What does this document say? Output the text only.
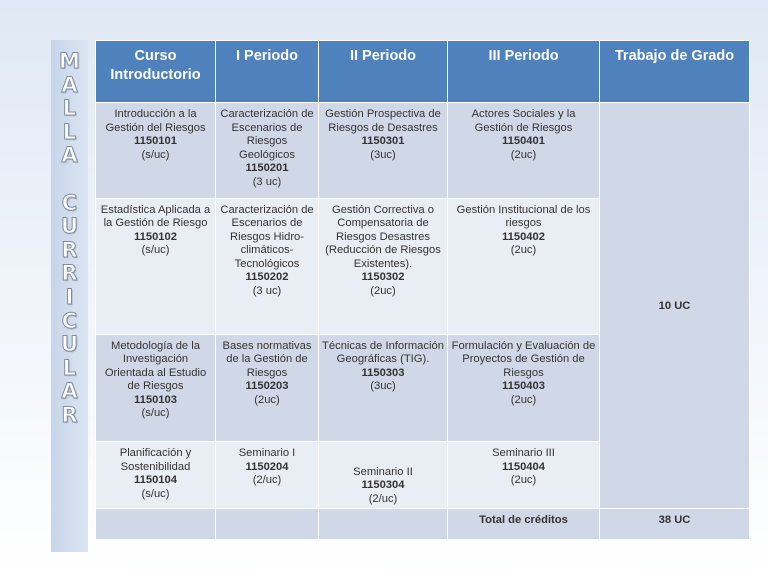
M
A
L
L
A
C
U
R
R
I
C
U
L
A
R
Curso Introductorio	I Periodo	II Periodo	III Periodo	Trabajo de Grado

Introducción a la Gestión del Riesgos
1150101
(s/uc)	Caracterización de Escenarios de Riesgos Geológicos
1150201
(3 uc)	Gestión Prospectiva de Riesgos de Desastres
1150301
(3uc)	Actores Sociales y la Gestión de Riesgos
1150401
(2uc)	10 UC

Estadística Aplicada a la Gestión de Riesgo
1150102
(s/uc)	Caracterización de Escenarios de Riesgos Hidro-climáticos-Tecnológicos
1150202
(3 uc)	Gestión Correctiva o Compensatoria de Riesgos Desastres (Reducción de Riesgos Existentes).
1150302
(2uc)	Gestión Institucional de los riesgos
1150402
(2uc)	

Metodología de la Investigación Orientada al Estudio de Riesgos
1150103
(s/uc)	Bases normativas de la Gestión de Riesgos
1150203
(2uc)	Técnicas de Información Geográficas (TIG).
1150303
(3uc)	Formulación y Evaluación de Proyectos de Gestión de Riesgos
1150403
(2uc)	

Planificación y Sostenibilidad
1150104
(s/uc)	Seminario I
1150204
(2/uc)	Seminario II
1150304
(2/uc)	Seminario III
1150404
(2uc)	

			Total de créditos	38 UC
